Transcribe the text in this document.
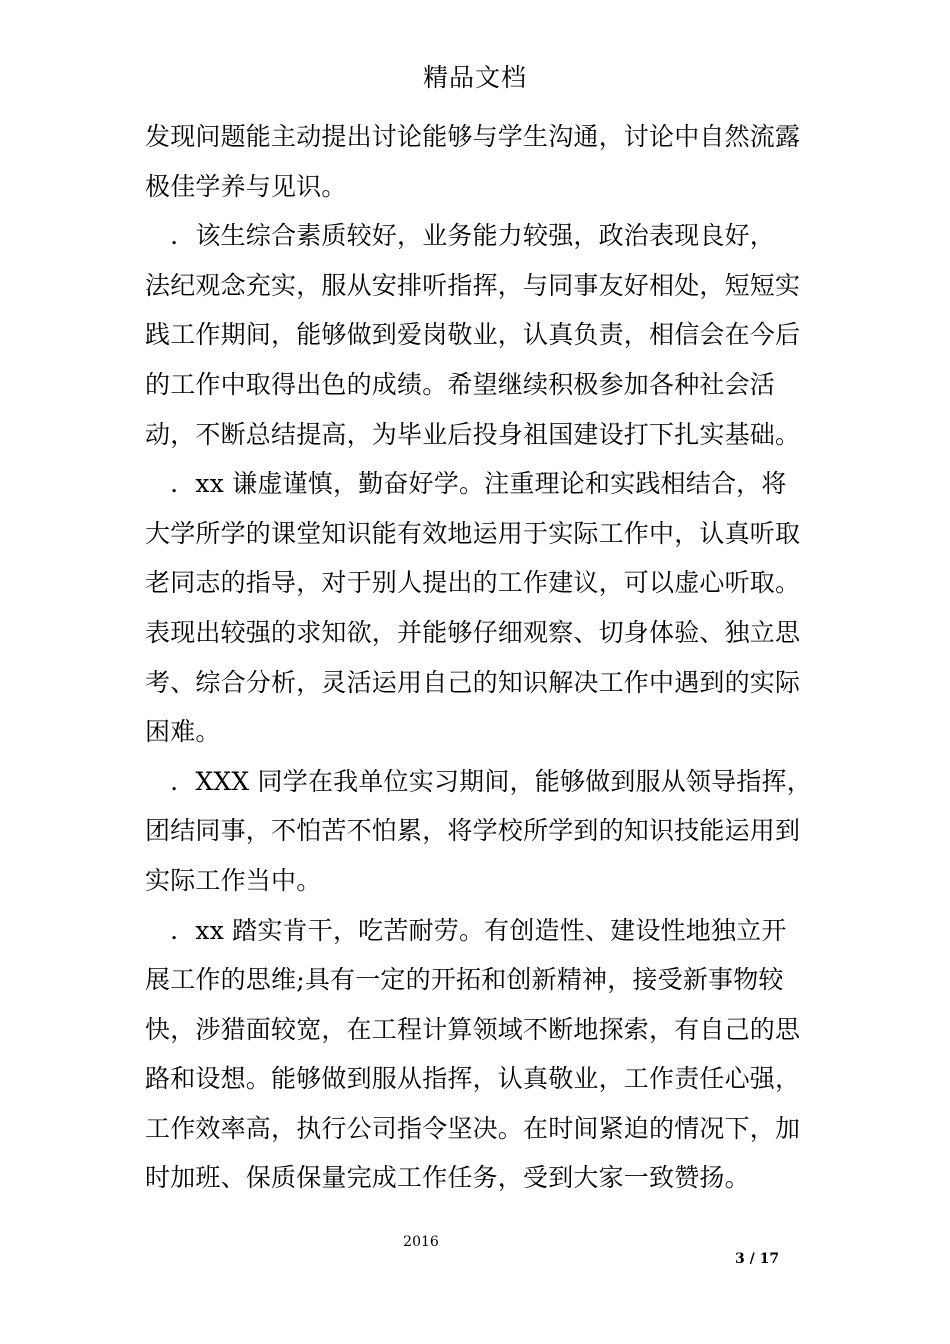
精品文档
发现问题能主动提出讨论能够与学生沟通，讨论中自然流露
极佳学养与见识。
　．该生综合素质较好，业务能力较强，政治表现良好，
法纪观念充实，服从安排听指挥，与同事友好相处，短短实
践工作期间，能够做到爱岗敬业，认真负责，相信会在今后
的工作中取得出色的成绩。希望继续积极参加各种社会活
动，不断总结提高，为毕业后投身祖国建设打下扎实基础。
　．xx 谦虚谨慎，勤奋好学。注重理论和实践相结合，将
大学所学的课堂知识能有效地运用于实际工作中，认真听取
老同志的指导，对于别人提出的工作建议，可以虚心听取。
表现出较强的求知欲，并能够仔细观察、切身体验、独立思
考、综合分析，灵活运用自己的知识解决工作中遇到的实际
困难。
　．XXX 同学在我单位实习期间，能够做到服从领导指挥，
团结同事，不怕苦不怕累，将学校所学到的知识技能运用到
实际工作当中。
　．xx 踏实肯干，吃苦耐劳。有创造性、建设性地独立开
展工作的思维;具有一定的开拓和创新精神，接受新事物较
快，涉猎面较宽，在工程计算领域不断地探索，有自己的思
路和设想。能够做到服从指挥，认真敬业，工作责任心强，
工作效率高，执行公司指令坚决。在时间紧迫的情况下，加
时加班、保质保量完成工作任务，受到大家一致赞扬。
2016
3 / 17
